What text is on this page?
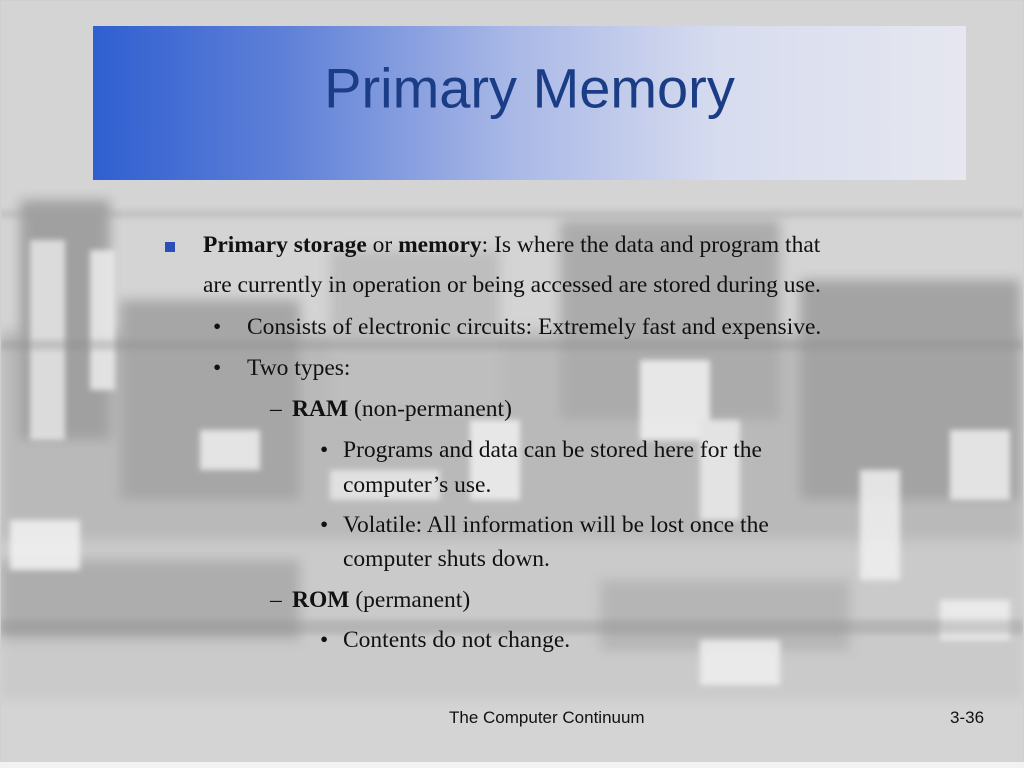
Primary Memory
Primary storage or memory: Is where the data and program that
are currently in operation or being accessed are stored during use.
• Consists of electronic circuits: Extremely fast and expensive.
• Two types:
– RAM (non-permanent)
• Programs and data can be stored here for the
computer’s use.
• Volatile: All information will be lost once the
computer shuts down.
– ROM (permanent)
• Contents do not change.
The Computer Continuum	3-36
